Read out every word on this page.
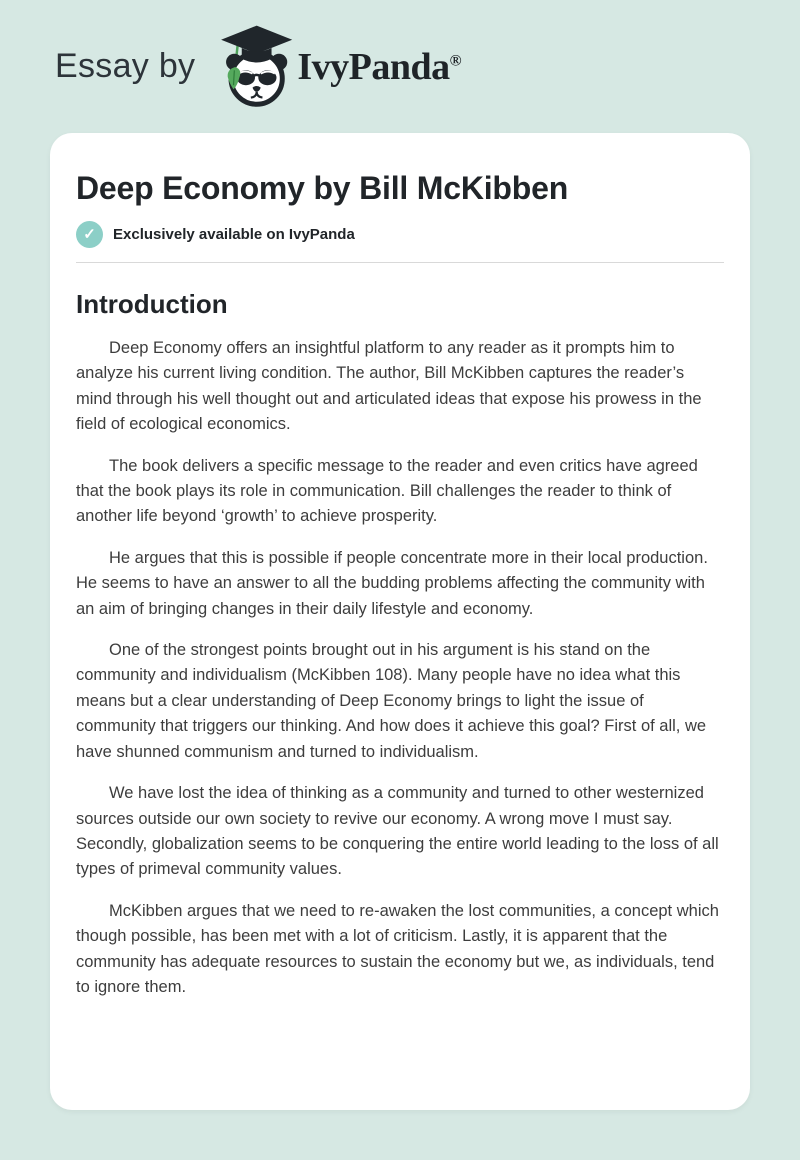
Essay by	IvyPanda®
Deep Economy by Bill McKibben
✓ Exclusively available on IvyPanda
Introduction

Deep Economy offers an insightful platform to any reader as it prompts him to analyze his current living condition. The author, Bill McKibben captures the reader’s mind through his well thought out and articulated ideas that expose his prowess in the field of ecological economics.

The book delivers a specific message to the reader and even critics have agreed that the book plays its role in communication. Bill challenges the reader to think of another life beyond ‘growth’ to achieve prosperity.

He argues that this is possible if people concentrate more in their local production. He seems to have an answer to all the budding problems affecting the community with an aim of bringing changes in their daily lifestyle and economy.

One of the strongest points brought out in his argument is his stand on the community and individualism (McKibben 108). Many people have no idea what this means but a clear understanding of Deep Economy brings to light the issue of community that triggers our thinking. And how does it achieve this goal? First of all, we have shunned communism and turned to individualism.

We have lost the idea of thinking as a community and turned to other westernized sources outside our own society to revive our economy. A wrong move I must say. Secondly, globalization seems to be conquering the entire world leading to the loss of all types of primeval community values.

McKibben argues that we need to re-awaken the lost communities, a concept which though possible, has been met with a lot of criticism. Lastly, it is apparent that the community has adequate resources to sustain the economy but we, as individuals, tend to ignore them.
